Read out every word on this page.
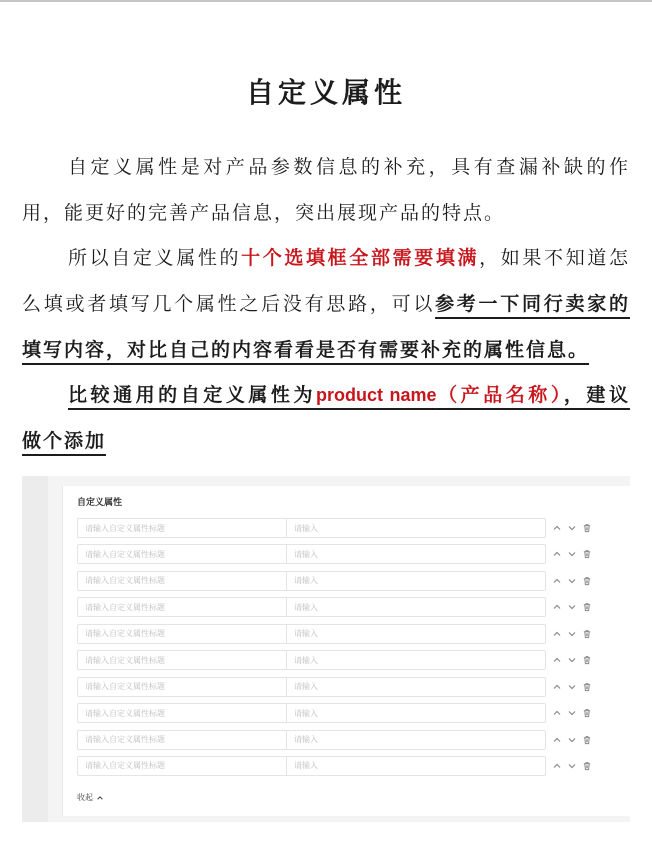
自定义属性
自定义属性是对产品参数信息的补充，具有查漏补缺的作
用，能更好的完善产品信息，突出展现产品的特点。
所以自定义属性的十个选填框全部需要填满，如果不知道怎
么填或者填写几个属性之后没有思路，可以参考一下同行卖家的
填写内容，对比自己的内容看看是否有需要补充的属性信息。
比较通用的自定义属性为product name（产品名称），建议
做个添加
自定义属性
请输入自定义属性标题
请输入
请输入自定义属性标题
请输入
请输入自定义属性标题
请输入
请输入自定义属性标题
请输入
请输入自定义属性标题
请输入
请输入自定义属性标题
请输入
请输入自定义属性标题
请输入
请输入自定义属性标题
请输入
请输入自定义属性标题
请输入
请输入自定义属性标题
请输入
收起
